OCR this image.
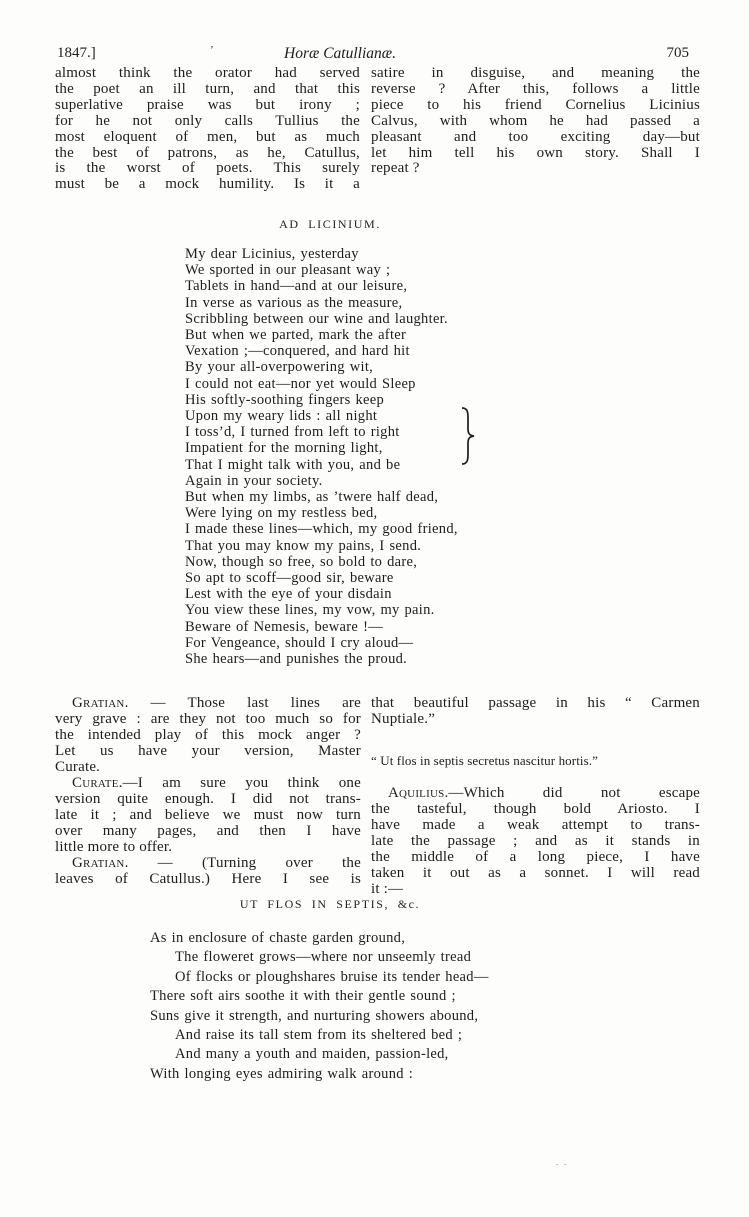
1847.]	’	Horæ Catullianæ.	705
almost think the orator had served
the poet an ill turn, and that this
superlative praise was but irony ;
for he not only calls Tullius the
most eloquent of men, but as much
the best of patrons, as he, Catullus,
is the worst of poets. This surely
must be a mock humility. Is it a
satire in disguise, and meaning the
reverse ? After this, follows a little
piece to his friend Cornelius Licinius
Calvus, with whom he had passed a
pleasant and too exciting day—but
let him tell his own story. Shall I
repeat ?
AD LICINIUM.
My dear Licinius, yesterday
We sported in our pleasant way ;
Tablets in hand—and at our leisure,
In verse as various as the measure,
Scribbling between our wine and laughter.
But when we parted, mark the after
Vexation ;—conquered, and hard hit
By your all-overpowering wit,
I could not eat—nor yet would Sleep
His softly-soothing fingers keep
Upon my weary lids : all night
I toss’d, I turned from left to right
Impatient for the morning light,
That I might talk with you, and be
Again in your society.
But when my limbs, as ’twere half dead,
Were lying on my restless bed,
I made these lines—which, my good friend,
That you may know my pains, I send.
Now, though so free, so bold to dare,
So apt to scoff—good sir, beware
Lest with the eye of your disdain
You view these lines, my vow, my pain.
Beware of Nemesis, beware !—
For Vengeance, should I cry aloud—
She hears—and punishes the proud.
Gratian. — Those last lines are
very grave : are they not too much so for
the intended play of this mock anger ?
Let us have your version, Master
Curate.
Curate.—I am sure you think one
version quite enough. I did not trans-
late it ; and believe we must now turn
over many pages, and then I have
little more to offer.
Gratian. — (Turning over the
leaves of Catullus.) Here I see is
that beautiful passage in his “ Carmen
Nuptiale.”
“ Ut flos in septis secretus nascitur hortis.”
Aquilius.—Which did not escape
the tasteful, though bold Ariosto. I
have made a weak attempt to trans-
late the passage ; and as it stands in
the middle of a long piece, I have
taken it out as a sonnet. I will read
it :—
UT FLOS IN SEPTIS, &c.
As in enclosure of chaste garden ground,
The floweret grows—where nor unseemly tread
Of flocks or ploughshares bruise its tender head—
There soft airs soothe it with their gentle sound ;
Suns give it strength, and nurturing showers abound,
And raise its tall stem from its sheltered bed ;
And many a youth and maiden, passion-led,
With longing eyes admiring walk around :
- -
